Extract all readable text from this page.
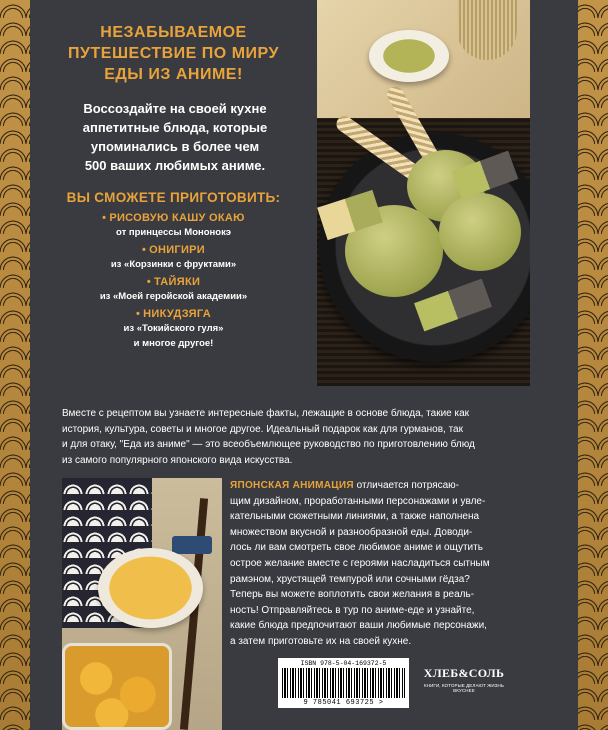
НЕЗАБЫВАЕМОЕ
ПУТЕШЕСТВИЕ ПО МИРУ
ЕДЫ ИЗ АНИМЕ!
Воссоздайте на своей кухне
аппетитные блюда, которые
упоминались в более чем
500 ваших любимых аниме.
ВЫ СМОЖЕТЕ ПРИГОТОВИТЬ:
• РИСОВУЮ КАШУ ОКАЮ
от принцессы Мононокэ
• ОНИГИРИ
из «Корзинки с фруктами»
• ТАЙЯКИ
из «Моей геройской академии»
• НИКУДЗЯГА
из «Токийского гуля»
и многое другое!
Вместе с рецептом вы узнаете интересные факты, лежащие в основе блюда, такие как
история, культура, советы и многое другое. Идеальный подарок как для гурманов, так
и для отаку, "Еда из аниме" — это всеобъемлющее руководство по приготовлению блюд
из самого популярного японского вида искусства.
ЯПОНСКАЯ АНИМАЦИЯ отличается потрясаю-
щим дизайном, проработанными персонажами и увле-
кательными сюжетными линиями, а также наполнена
множеством вкусной и разнообразной еды. Доводи-
лось ли вам смотреть свое любимое аниме и ощутить
острое желание вместе с героями насладиться сытным
рамэном, хрустящей темпурой или сочными гёдза?
Теперь вы можете воплотить свои желания в реаль-
ность! Отправляйтесь в тур по аниме-еде и узнайте,
какие блюда предпочитают ваши любимые персонажи,
а затем приготовьте их на своей кухне.
ISBN 978-5-04-169372-5
9 785041 693725 >
ХЛЕБ&СОЛЬ
КНИГИ, КОТОРЫЕ ДЕЛАЮТ ЖИЗНЬ ВКУСНЕЕ
